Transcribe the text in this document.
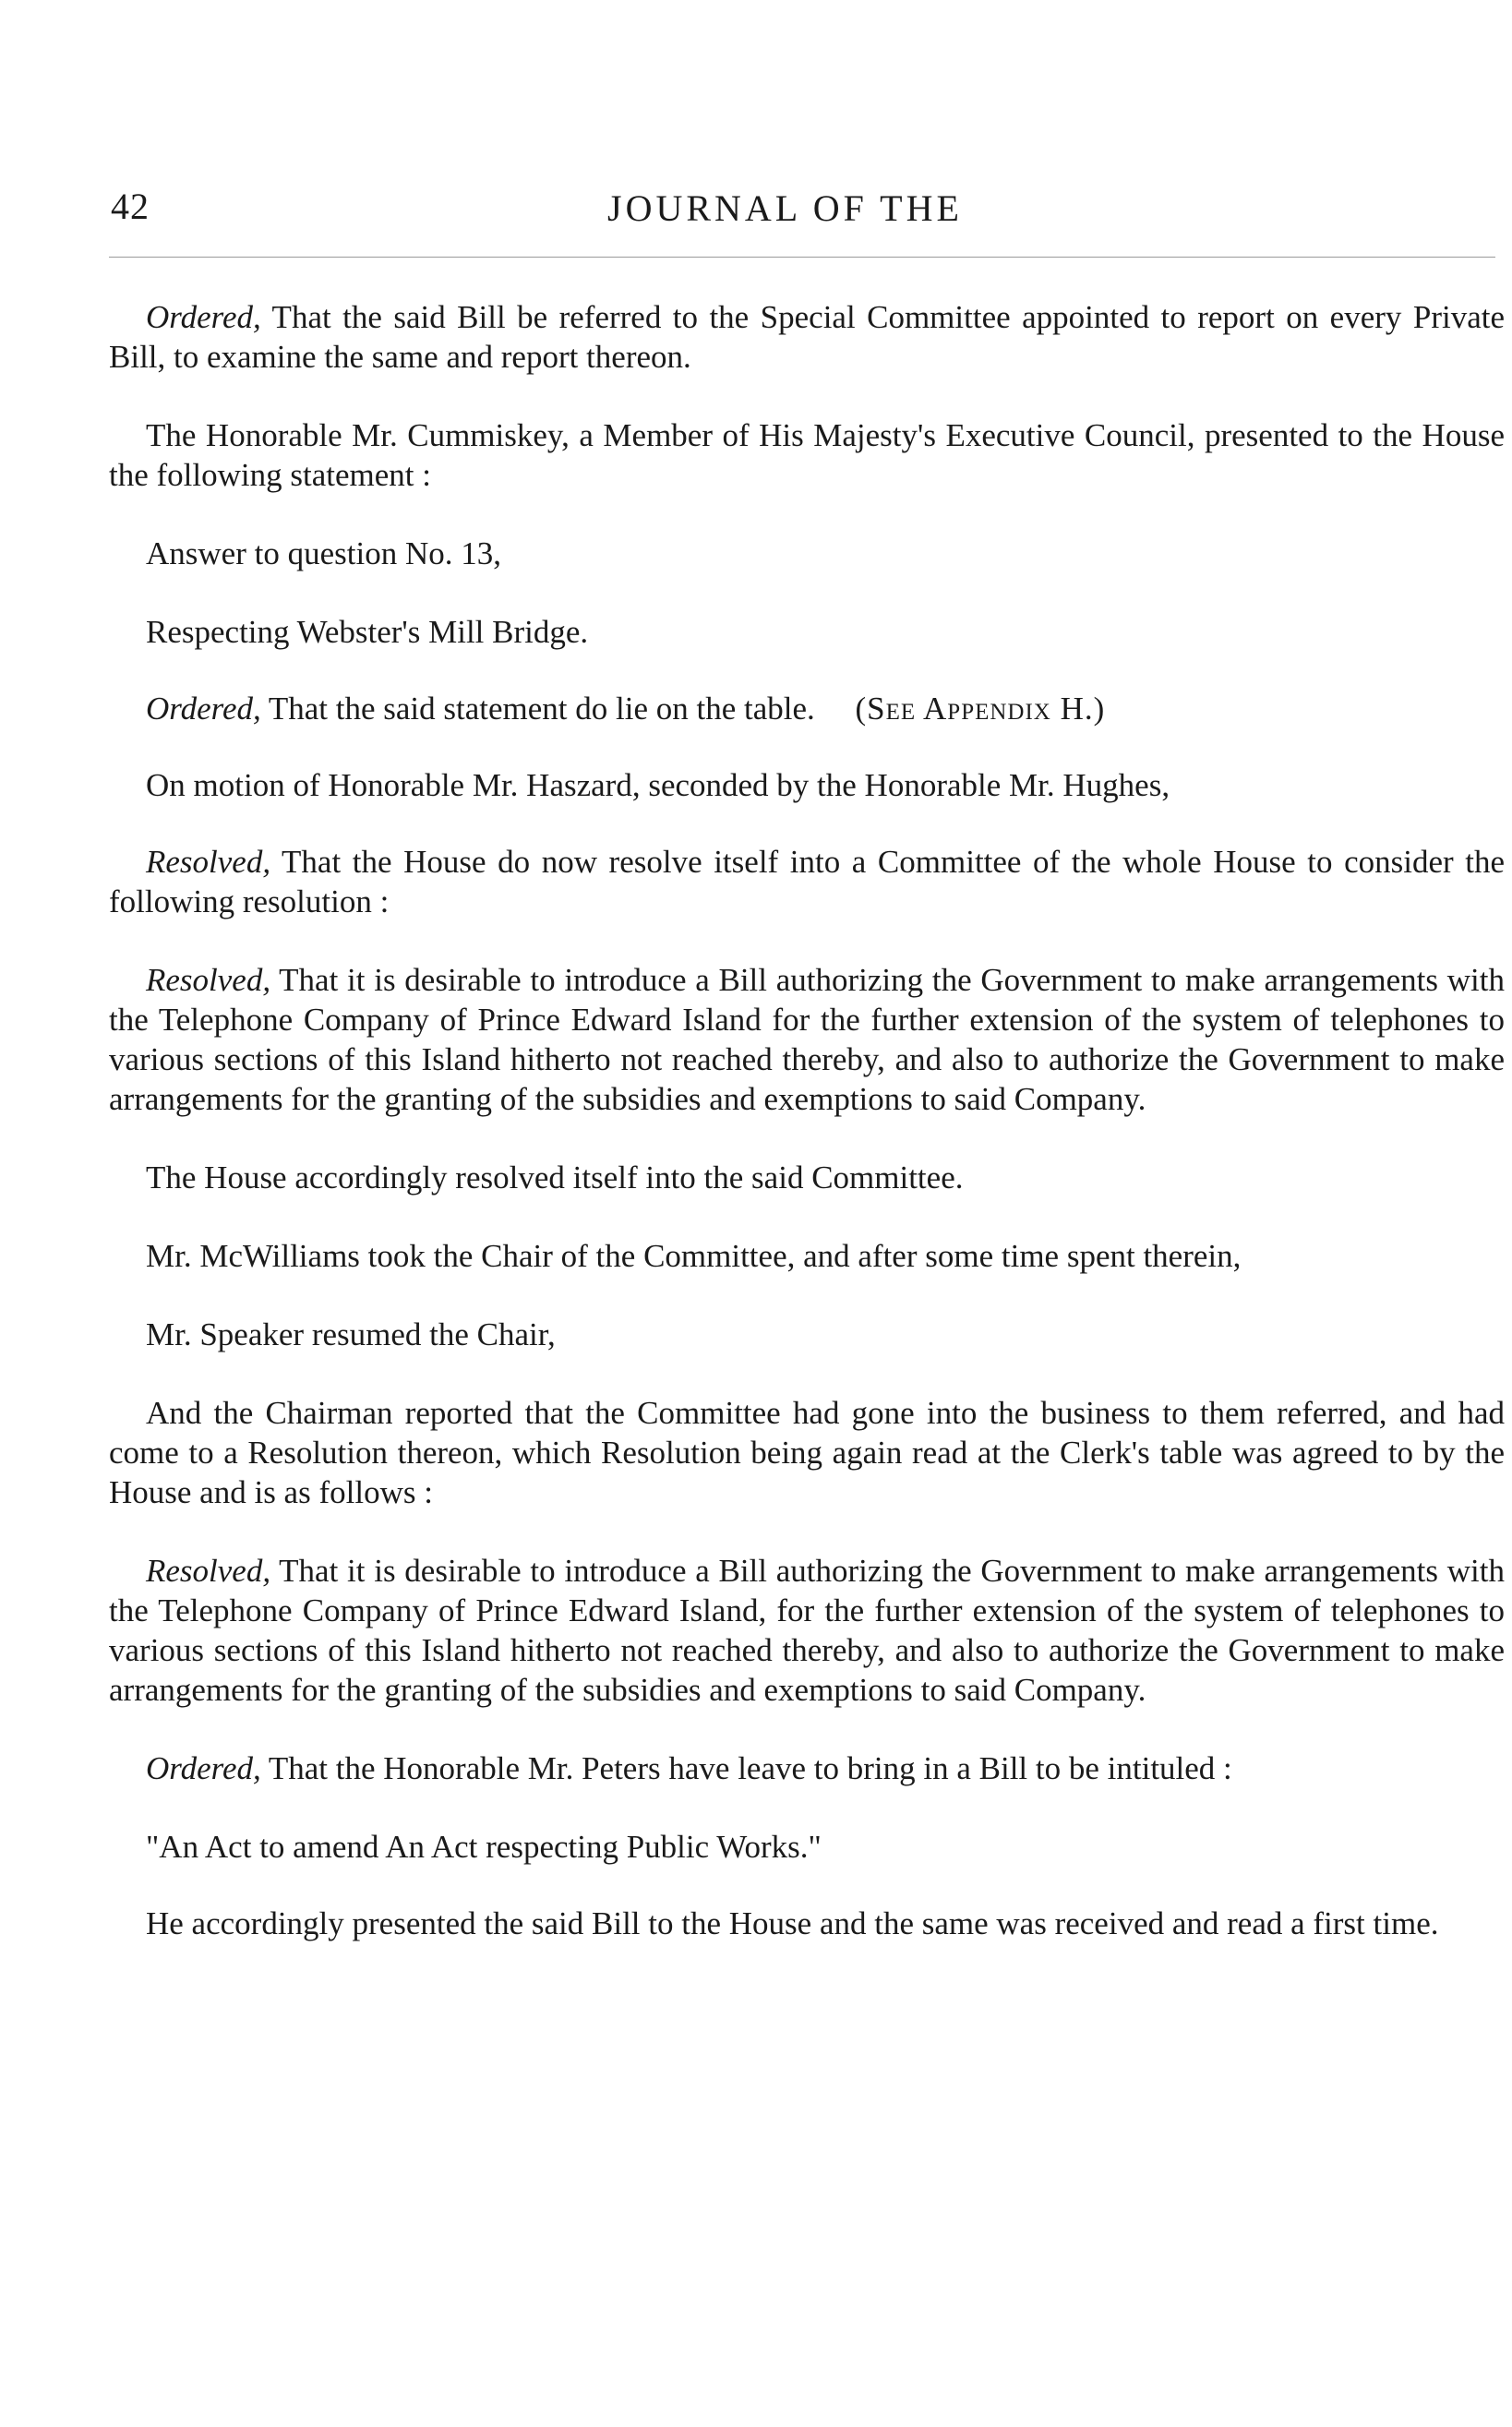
42	JOURNAL OF THE

Ordered, That the said Bill be referred to the Special Committee appointed to report on every Private Bill, to examine the same and report thereon.

The Honorable Mr. Cummiskey, a Member of His Majesty's Executive Council, presented to the House the following statement :

Answer to question No. 13,

Respecting Webster's Mill Bridge.

Ordered, That the said statement do lie on the table. (See Appendix H.)

On motion of Honorable Mr. Haszard, seconded by the Honorable Mr. Hughes,

Resolved, That the House do now resolve itself into a Committee of the whole House to consider the following resolution :

Resolved, That it is desirable to introduce a Bill authorizing the Government to make arrangements with the Telephone Company of Prince Edward Island for the further extension of the system of telephones to various sections of this Island hitherto not reached thereby, and also to authorize the Government to make arrangements for the granting of the subsidies and exemptions to said Company.

The House accordingly resolved itself into the said Committee.

Mr. McWilliams took the Chair of the Committee, and after some time spent therein,

Mr. Speaker resumed the Chair,

And the Chairman reported that the Committee had gone into the business to them referred, and had come to a Resolution thereon, which Resolution being again read at the Clerk's table was agreed to by the House and is as follows :

Resolved, That it is desirable to introduce a Bill authorizing the Government to make arrangements with the Telephone Company of Prince Edward Island, for the further extension of the system of telephones to various sections of this Island hitherto not reached thereby, and also to authorize the Government to make arrangements for the granting of the subsidies and exemptions to said Company.

Ordered, That the Honorable Mr. Peters have leave to bring in a Bill to be intituled :

"An Act to amend An Act respecting Public Works."

He accordingly presented the said Bill to the House and the same was received and read a first time.
